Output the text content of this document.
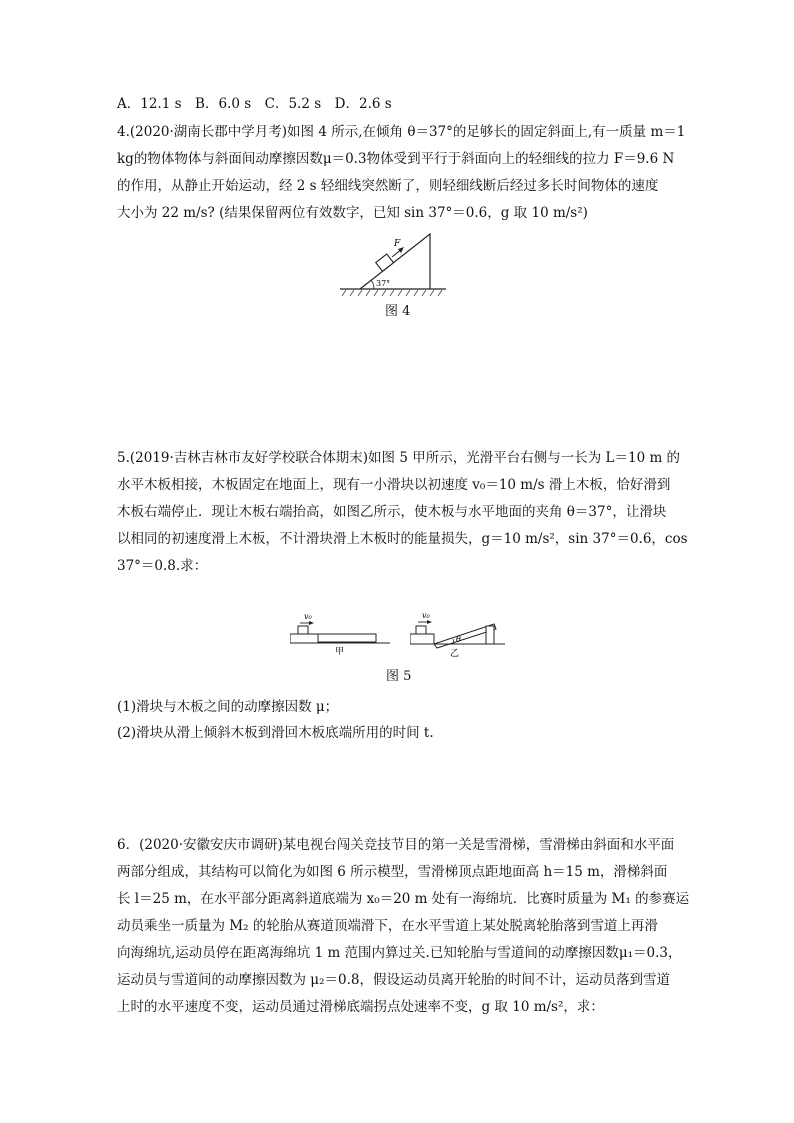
A．12.1 s　B．6.0 s　C．5.2 s　D．2.6 s
4.(2020·湖南长郡中学月考)如图 4 所示,在倾角 θ＝37°的足够长的固定斜面上,有一质量 m＝1
kg的物体物体与斜面间动摩擦因数μ＝0.3物体受到平行于斜面向上的轻细线的拉力 F＝9.6 N
的作用，从静止开始运动，经 2 s 轻细线突然断了，则轻细线断后经过多长时间物体的速度
大小为 22 m/s? (结果保留两位有效数字，已知 sin 37°＝0.6，g 取 10 m/s²)
F
37°
图 4
5.(2019·吉林吉林市友好学校联合体期末)如图 5 甲所示，光滑平台右侧与一长为 L＝10 m 的
水平木板相接，木板固定在地面上，现有一小滑块以初速度 v₀＝10 m/s 滑上木板，恰好滑到
木板右端停止．现让木板右端抬高，如图乙所示，使木板与水平地面的夹角 θ＝37°，让滑块
以相同的初速度滑上木板，不计滑块滑上木板时的能量损失，g＝10 m/s²，sin 37°＝0.6，cos
37°＝0.8.求：
v₀
甲
v₀
θ
乙
图 5
(1)滑块与木板之间的动摩擦因数 μ；
(2)滑块从滑上倾斜木板到滑回木板底端所用的时间 t.
6．(2020·安徽安庆市调研)某电视台闯关竞技节目的第一关是雪滑梯，雪滑梯由斜面和水平面
两部分组成，其结构可以简化为如图 6 所示模型，雪滑梯顶点距地面高 h＝15 m，滑梯斜面
长 l＝25 m，在水平部分距离斜道底端为 x₀＝20 m 处有一海绵坑．比赛时质量为 M₁ 的参赛运
动员乘坐一质量为 M₂ 的轮胎从赛道顶端滑下，在水平雪道上某处脱离轮胎落到雪道上再滑
向海绵坑,运动员停在距离海绵坑 1 m 范围内算过关.已知轮胎与雪道间的动摩擦因数μ₁＝0.3，
运动员与雪道间的动摩擦因数为 μ₂＝0.8，假设运动员离开轮胎的时间不计，运动员落到雪道
上时的水平速度不变，运动员通过滑梯底端拐点处速率不变，g 取 10 m/s²，求：
